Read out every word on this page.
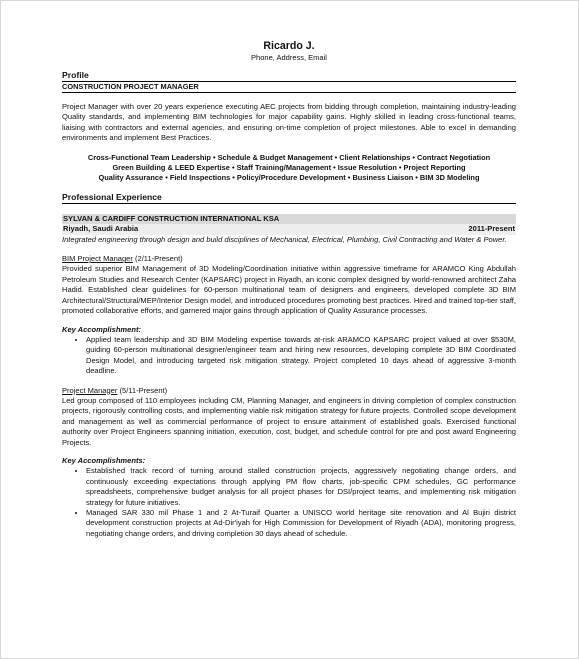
Ricardo J.
Phone, Address, Email
Profile
CONSTRUCTION PROJECT MANAGER

Project Manager with over 20 years experience executing AEC projects from bidding through completion, maintaining industry-leading Quality standards, and implementing BIM technologies for major capability gains. Highly skilled in leading cross-functional teams, liaising with contractors and external agencies, and ensuring on-time completion of project milestones. Able to excel in demanding environments and implement Best Practices.

Cross-Functional Team Leadership • Schedule & Budget Management • Client Relationships • Contract Negotiation
Green Building & LEED Expertise • Staff Training/Management • Issue Resolution • Project Reporting
Quality Assurance • Field Inspections • Policy/Procedure Development • Business Liaison • BIM 3D Modeling
Professional Experience
SYLVAN & CARDIFF CONSTRUCTION INTERNATIONAL KSA
Riyadh, Saudi Arabia	2011-Present
Integrated engineering through design and build disciplines of Mechanical, Electrical, Plumbing, Civil Contracting and Water & Power.
BIM Project Manager (2/11-Present)

Provided superior BIM Management of 3D Modeling/Coordination initiative within aggressive timeframe for ARAMCO King Abdullah Petroleum Studies and Research Center (KAPSARC) project in Riyadh, an iconic complex designed by world-renowned architect Zaha Hadid. Established clear guidelines for 60-person multinational team of designers and engineers, developed complete 3D BIM Architectural/Structural/MEP/Interior Design model, and introduced procedures promoting best practices. Hired and trained top-tier staff, promoted collaborative efforts, and garnered major gains through application of Quality Assurance processes.

Key Accomplishment:
• Applied team leadership and 3D BIM Modeling expertise towards at-risk ARAMCO KAPSARC project valued at over $530M, guiding 60-person multinational designer/engineer team and hiring new resources, developing complete 3D BIM Coordinated Design Model, and introducing targeted risk mitigation strategy. Project completed 10 days ahead of aggressive 3-month deadline.
Project Manager (5/11-Present)

Led group composed of 110 employees including CM, Planning Manager, and engineers in driving completion of complex construction projects, rigorously controlling costs, and implementing viable risk mitigation strategy for future projects. Controlled scope development and management as well as commercial performance of project to ensure attainment of established goals. Exercised functional authority over Project Engineers spanning initiation, execution, cost, budget, and schedule control for pre and post award Engineering Projects.

Key Accomplishments:
• Established track record of turning around stalled construction projects, aggressively negotiating change orders, and continuously exceeding expectations through applying PM flow charts, job-specific CPM schedules, GC performance spreadsheets, comprehensive budget analysis for all project phases for DSI/project teams, and implementing risk mitigation strategy for future initiatives.
• Managed SAR 330 mil Phase 1 and 2 At-Turaif Quarter a UNISCO world heritage site renovation and Al Bujiri district development construction projects at Ad-Dir'iyah for High Commission for Development of Riyadh (ADA), monitoring progress, negotiating change orders, and driving completion 30 days ahead of schedule.
